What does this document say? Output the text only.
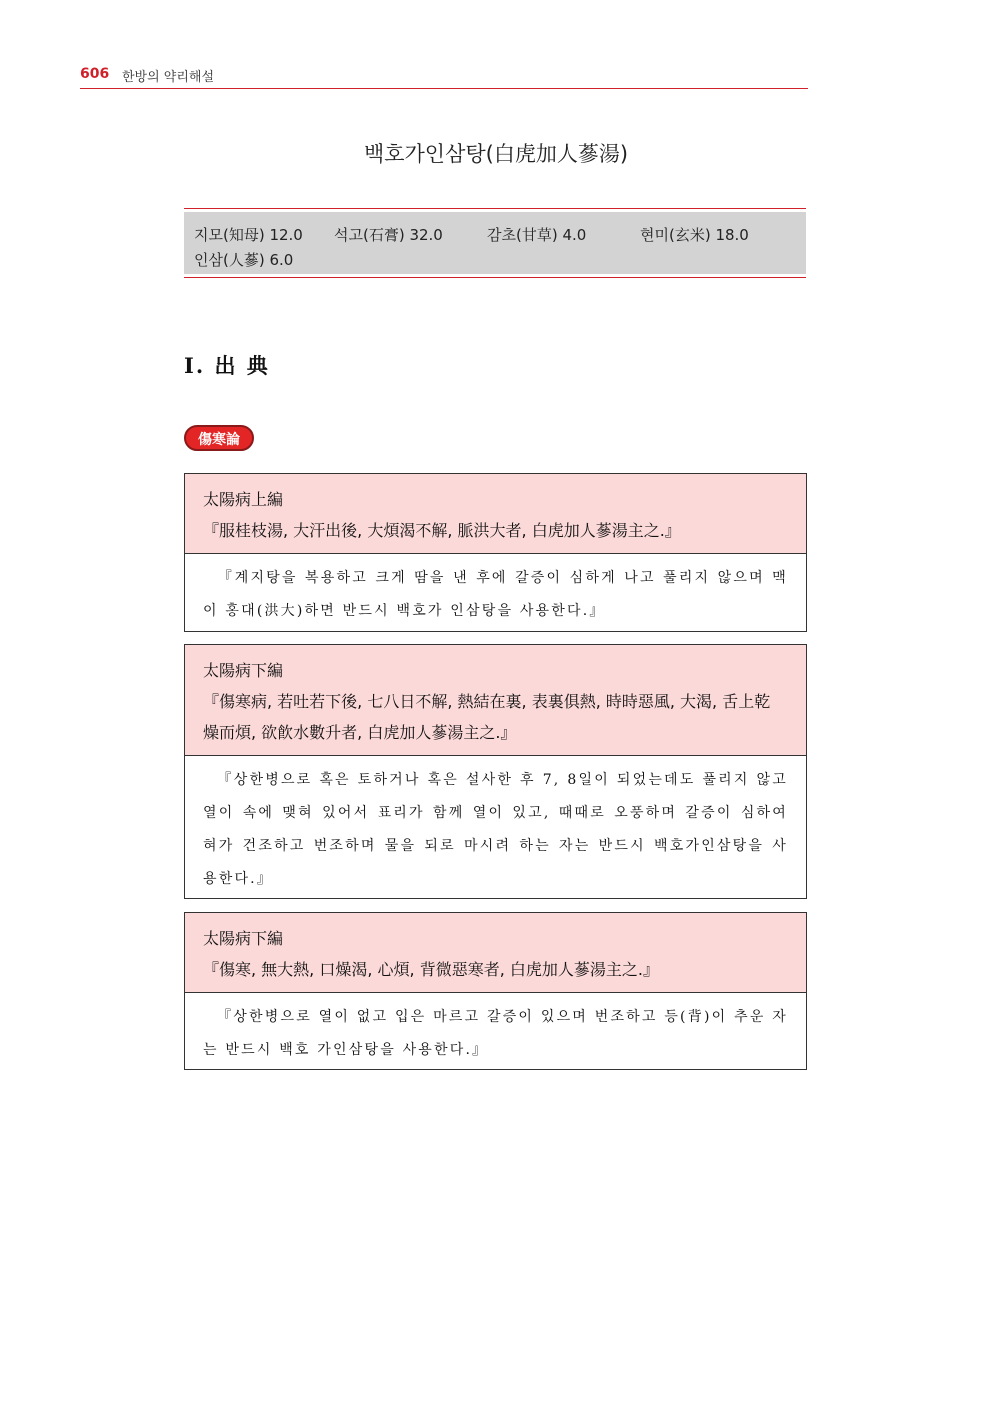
606 한방의 약리해설
백호가인삼탕(白虎加人蔘湯)
지모(知母) 12.0 석고(石膏) 32.0	감초(甘草) 4.0	현미(玄米) 18.0
인삼(人蔘) 6.0
I. 出 典
傷寒論
太陽病上編
『服桂枝湯, 大汗出後, 大煩渴不解, 脈洪大者, 白虎加人蔘湯主之.』
『계지탕을 복용하고 크게 땀을 낸 후에 갈증이 심하게 나고 풀리지 않으며 맥이 홍대(洪大)하면 반드시 백호가 인삼탕을 사용한다.』
太陽病下編
『傷寒病, 若吐若下後, 七八日不解, 熱結在裏, 表裏俱熱, 時時惡風, 大渴, 舌上乾 燥而煩, 欲飮水數升者, 白虎加人蔘湯主之.』
『상한병으로 혹은 토하거나 혹은 설사한 후 7, 8일이 되었는데도 풀리지 않고 열이 속에 맺혀 있어서 표리가 함께 열이 있고, 때때로 오풍하며 갈증이 심하여 혀가 건조하고 번조하며 물을 되로 마시려 하는 자는 반드시 백호가인삼탕을 사용한다.』
太陽病下編
『傷寒, 無大熱, 口燥渴, 心煩, 背微惡寒者, 白虎加人蔘湯主之.』
『상한병으로 열이 없고 입은 마르고 갈증이 있으며 번조하고 등(背)이 추운 자는 반드시 백호 가인삼탕을 사용한다.』
